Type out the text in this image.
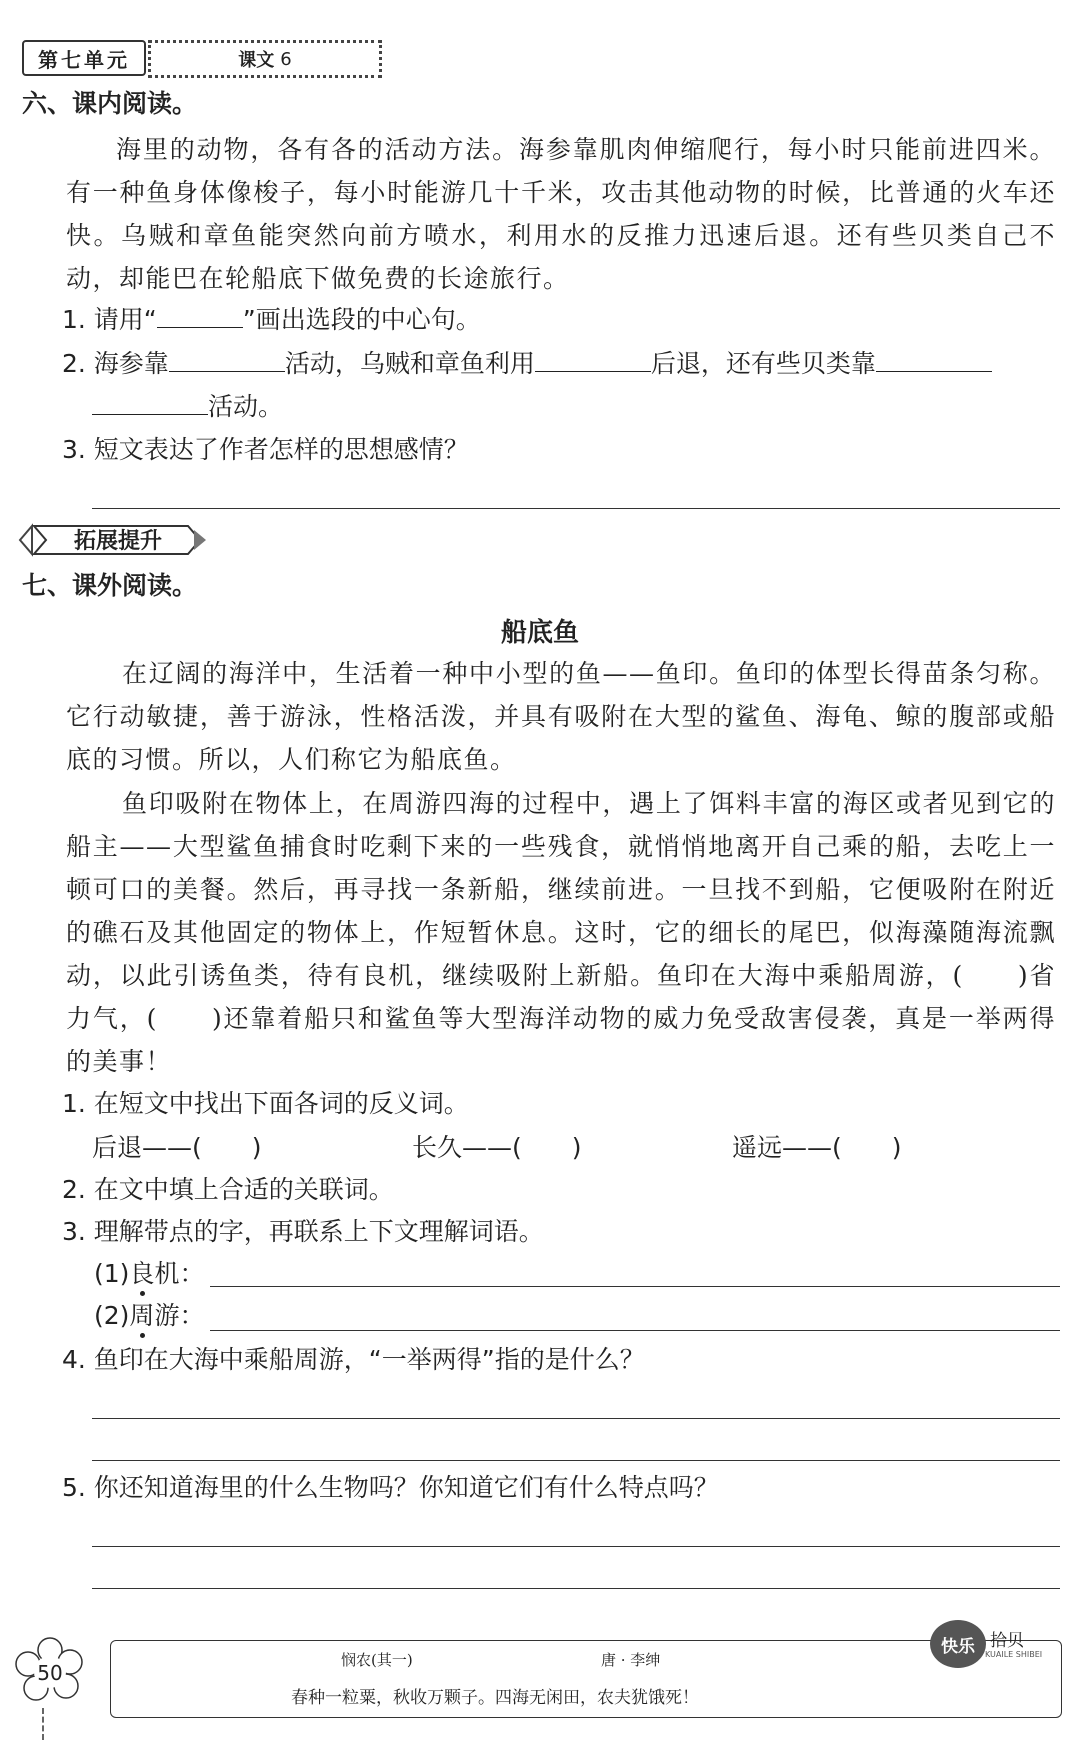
第七单元	课文 6
六、课内阅读。
海里的动物，各有各的活动方法。海参靠肌肉伸缩爬行，每小时只能前进四米。有一种鱼身体像梭子，每小时能游几十千米，攻击其他动物的时候，比普通的火车还快。乌贼和章鱼能突然向前方喷水，利用水的反推力迅速后退。还有些贝类自己不动，却能巴在轮船底下做免费的长途旅行。
1. 请用“	”画出选段的中心句。
2. 海参靠	活动，乌贼和章鱼利用	后退，还有些贝类靠
活动。
3. 短文表达了作者怎样的思想感情？
拓展提升
七、课外阅读。
船底鱼
在辽阔的海洋中，生活着一种中小型的鱼——鱼印。鱼印的体型长得苗条匀称。它行动敏捷，善于游泳，性格活泼，并具有吸附在大型的鲨鱼、海龟、鲸的腹部或船底的习惯。所以，人们称它为船底鱼。
鱼印吸附在物体上，在周游四海的过程中，遇上了饵料丰富的海区或者见到它的船主——大型鲨鱼捕食时吃剩下来的一些残食，就悄悄地离开自己乘的船，去吃上一顿可口的美餐。然后，再寻找一条新船，继续前进。一旦找不到船，它便吸附在附近的礁石及其他固定的物体上，作短暂休息。这时，它的细长的尾巴，似海藻随海流飘动，以此引诱鱼类，待有良机，继续吸附上新船。鱼印在大海中乘船周游，(　　)省力气，(　　)还靠着船只和鲨鱼等大型海洋动物的威力免受敌害侵袭，真是一举两得的美事！
1. 在短文中找出下面各词的反义词。
后退——(　　)	长久——(　　)	遥远——(　　)
2. 在文中填上合适的关联词。
3. 理解带点的字，再联系上下文理解词语。
(1)良机：
(2)周游：
4. 鱼印在大海中乘船周游，“一举两得”指的是什么？
5. 你还知道海里的什么生物吗？你知道它们有什么特点吗？
50
悯农(其一)	唐 · 李绅
春种一粒粟，秋收万颗子。四海无闲田，农夫犹饿死！
快乐 拾贝
KUAILE SHIBEI
